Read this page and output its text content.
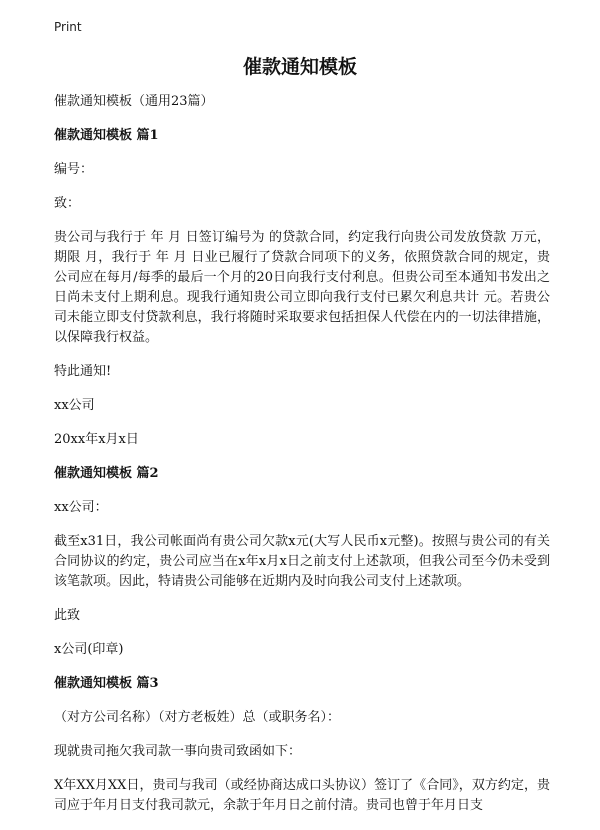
Print
催款通知模板

催款通知模板（通用23篇）

催款通知模板 篇1

编号：

致：

贵公司与我行于 年 月 日签订编号为 的贷款合同，约定我行向贵公司发放贷款 万元，期限 月，我行于 年 月 日业已履行了贷款合同项下的义务，依照贷款合同的规定，贵公司应在每月/每季的最后一个月的20日向我行支付利息。但贵公司至本通知书发出之日尚未支付上期利息。现我行通知贵公司立即向我行支付已累欠利息共计 元。若贵公司未能立即支付贷款利息，我行将随时采取要求包括担保人代偿在内的一切法律措施，以保障我行权益。

特此通知!

xx公司

20xx年x月x日

催款通知模板 篇2

xx公司：

截至x31日，我公司帐面尚有贵公司欠款x元(大写人民币x元整)。按照与贵公司的有关合同协议的约定，贵公司应当在x年x月x日之前支付上述款项，但我公司至今仍未受到该笔款项。因此，特请贵公司能够在近期内及时向我公司支付上述款项。

此致

x公司(印章)

催款通知模板 篇3

（对方公司名称）（对方老板姓）总（或职务名）：

现就贵司拖欠我司款一事向贵司致函如下：

X年XX月XX日，贵司与我司（或经协商达成口头协议）签订了《合同》，双方约定，贵司应于年月日支付我司款元，余款于年月日之前付清。贵司也曾于年月日支
